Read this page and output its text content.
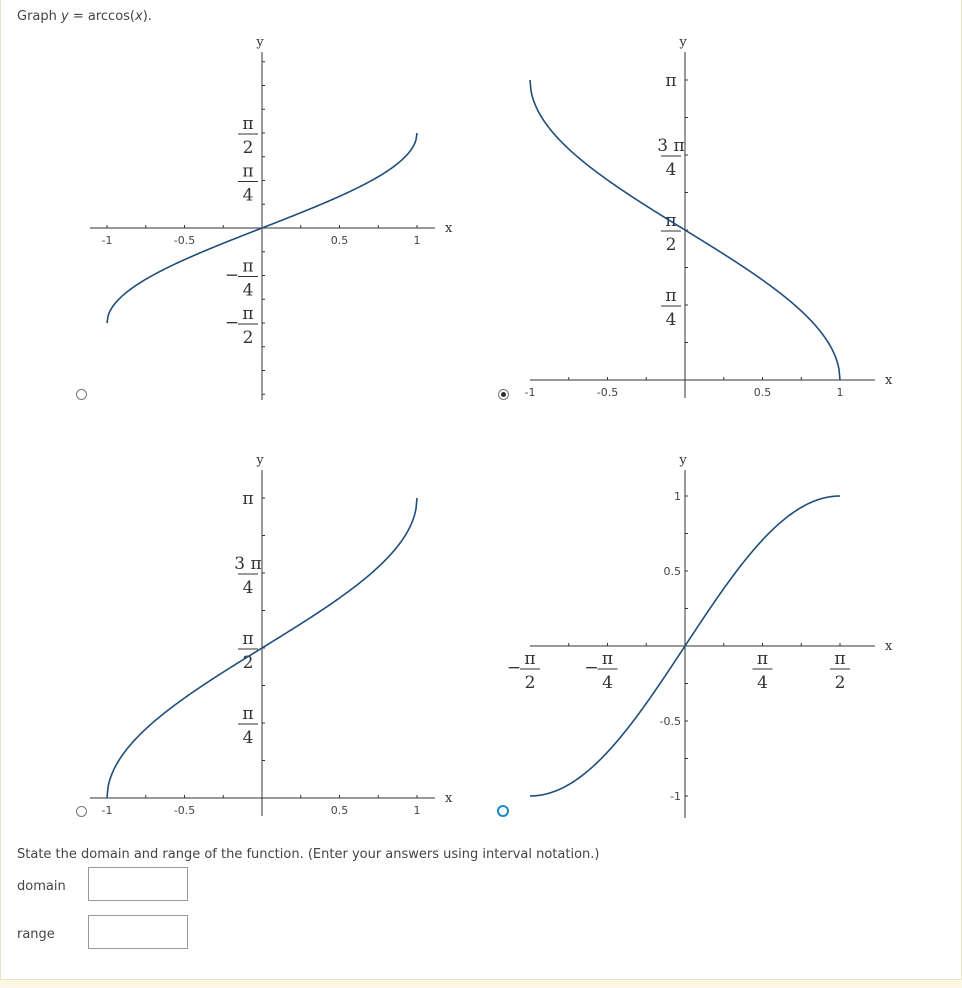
Graph y = arccos(x).
x
y
-1	-0.5	0.5	1
π
2
π
4
− π
4
− π
2
x
y
-1	-0.5	0.5	1
π
3 π
4
π
2
π
4
x
y
-1	-0.5	0.5	1
π
3 π
4
π
2
π
4
x
y
− π
2
− π
4
π
4
π
2
1
0.5
-0.5
-1
State the domain and range of the function. (Enter your answers using interval notation.)
domain
range
